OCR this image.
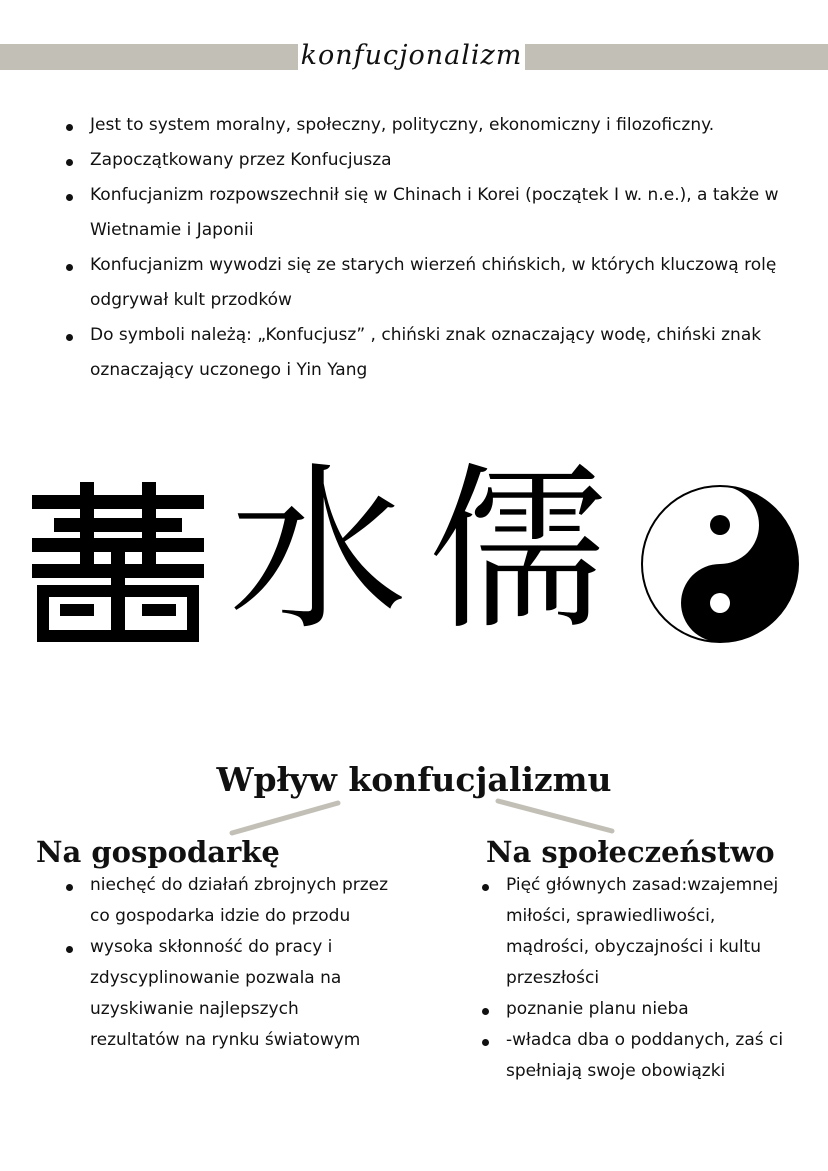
konfucjonalizm
Jest to system moralny, społeczny, polityczny, ekonomiczny i filozoficzny.
Zapoczątkowany przez Konfucjusza
Konfucjanizm rozpowszechnił się w Chinach i Korei (początek I w. n.e.), a także w Wietnamie i Japonii
Konfucjanizm wywodzi się ze starych wierzeń chińskich, w których kluczową rolę odgrywał kult przodków
Do symboli należą: „Konfucjusz” , chiński znak oznaczający wodę, chiński znak oznaczający uczonego i Yin Yang
水 儒
Wpływ konfucjalizmu
Na gospodarkę	Na społeczeństwo
niechęć do działań zbrojnych przez co gospodarka idzie do przodu
wysoka skłonność do pracy i zdyscyplinowanie pozwala na uzyskiwanie najlepszych rezultatów na rynku światowym
Pięć głównych zasad:wzajemnej miłości, sprawiedliwości, mądrości, obyczajności i kultu przeszłości
poznanie planu nieba
-władca dba o poddanych, zaś ci spełniają swoje obowiązki
